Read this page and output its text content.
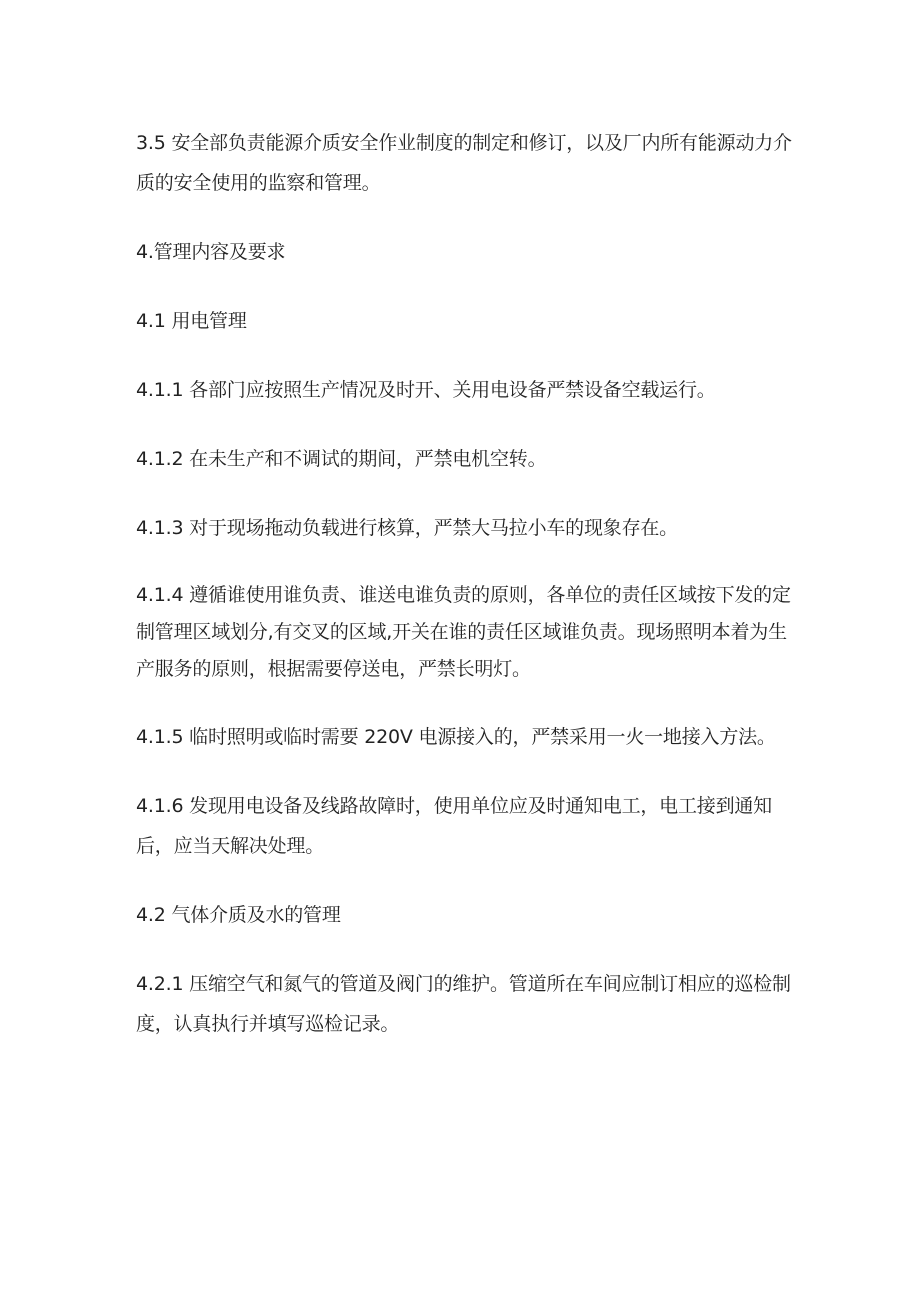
3.5 安全部负责能源介质安全作业制度的制定和修订，以及厂内所有能源动力介质的安全使用的监察和管理。

4.管理内容及要求

4.1 用电管理

4.1.1 各部门应按照生产情况及时开、关用电设备严禁设备空载运行。

4.1.2 在未生产和不调试的期间，严禁电机空转。

4.1.3 对于现场拖动负载进行核算，严禁大马拉小车的现象存在。

4.1.4 遵循谁使用谁负责、谁送电谁负责的原则，各单位的责任区域按下发的定制管理区域划分,有交叉的区域,开关在谁的责任区域谁负责。现场照明本着为生产服务的原则，根据需要停送电，严禁长明灯。

4.1.5 临时照明或临时需要 220V 电源接入的，严禁采用一火一地接入方法。

4.1.6 发现用电设备及线路故障时，使用单位应及时通知电工，电工接到通知后，应当天解决处理。

4.2 气体介质及水的管理

4.2.1 压缩空气和氮气的管道及阀门的维护。管道所在车间应制订相应的巡检制度，认真执行并填写巡检记录。
